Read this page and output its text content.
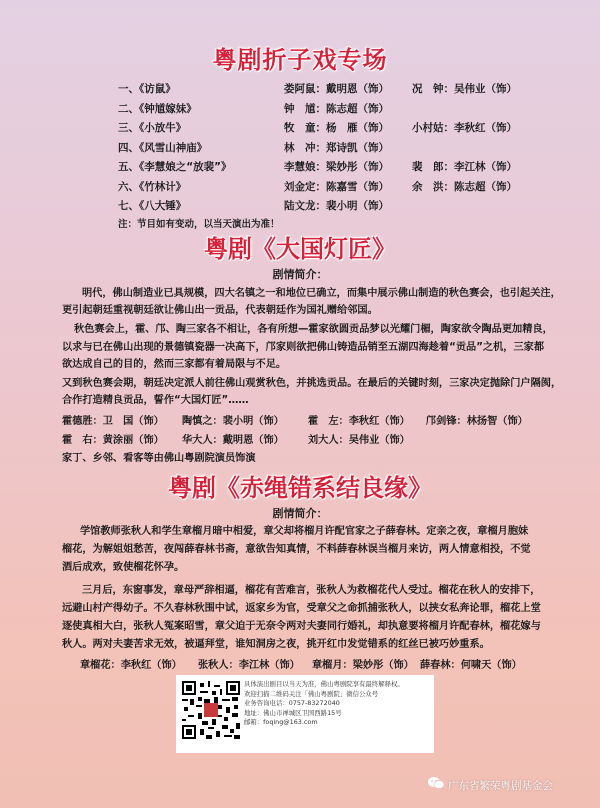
粤剧折子戏专场
一、《访鼠》	娄阿鼠：戴明恩（饰） 况　钟：吴伟业（饰）
二、《钟馗嫁妹》	钟　馗：陈志超（饰）
三、《小放牛》	牧　童：杨　雁（饰） 小村姑：李秋红（饰）
四、《风雪山神庙》	林　冲：郑诗凯（饰）
五、《李慧娘之“放裴”》	李慧娘：梁妙彤（饰） 裴　郎：李江林（饰）
六、《竹林计》	刘金定：陈嘉雪（饰） 余　洪：陈志超（饰）
七、《八大锤》	陆文龙：裴小明（饰）
注：节目如有变动，以当天演出为准！
粤剧《大国灯匠》
剧情简介：
明代，佛山制造业已具规模，四大名镇之一和地位已确立，而集中展示佛山制造的秋色赛会，也引起关注，
更引起朝廷重视朝廷欲让佛山出一贡品，代表朝廷作为国礼赠给邻国。
秋色赛会上，霍、邝、陶三家各不相让，各有所想—霍家欲圆贡品梦以光耀门楣，陶家欲令陶品更加精良，
以求与已在佛山出现的景德镇瓷器一决高下，邝家则欲把佛山铸造品销至五湖四海趁着“贡品”之机，三家都
欲达成自己的目的，然而三家都有着局限与不足。
又到秋色赛会期，朝廷决定派人前往佛山观赏秋色，并挑选贡品。在最后的关键时刻，三家决定抛除门户隔阂，
合作打造精良贡品，誓作“大国灯匠”……
霍德胜：卫　国（饰） 陶慎之：裴小明（饰） 霍　左：李秋红（饰） 邝剑锋：林扬智（饰）
霍　右：黄涂丽（饰） 华大人：戴明恩（饰） 刘大人：吴伟业（饰）
家丁、乡邻、看客等由佛山粤剧院演员饰演
粤剧《赤绳错系结良缘》
剧情简介：
学馆教师张秋人和学生章榴月暗中相爱，章父却将榴月许配官家之子薛春林。定亲之夜，章榴月胞妹
榴花，为解姐姐愁苦，夜闯薛春林书斋，意欲告知真情，不料薛春林误当榴月来访，两人情意相投，不觉
酒后成欢，致使榴花怀孕。
三月后，东窗事发，章母严辞相逼，榴花有苦难言，张秋人为救榴花代人受过。榴花在秋人的安排下，
远避山村产得幼子。不久春林秋围中试，返家乡为官，受章父之命抓捕张秋人，以挟女私奔论罪，榴花上堂
逐使真相大白，张秋人冤案昭雪，章父迫于无奈令两对夫妻同行婚礼，却执意要将榴月许配春林，榴花嫁与
秋人。两对夫妻苦求无效，被逼拜堂，谁知洞房之夜，挑开红巾发觉错系的红丝已被巧妙重系。
章榴花：李秋红（饰） 张秋人：李江林（饰） 章榴月：梁妙彤（饰） 薛春林：何啸天（饰）
具体演出剧目以当天为准，佛山粤剧院享有最终解释权。
欢迎扫描二维码关注「佛山粤剧院」微信公众号
业务咨询电话：0757-83272040
地址：佛山市禅城区卫国西路15号
邮箱：foqing@163.com
广东省繁荣粤剧基金会
